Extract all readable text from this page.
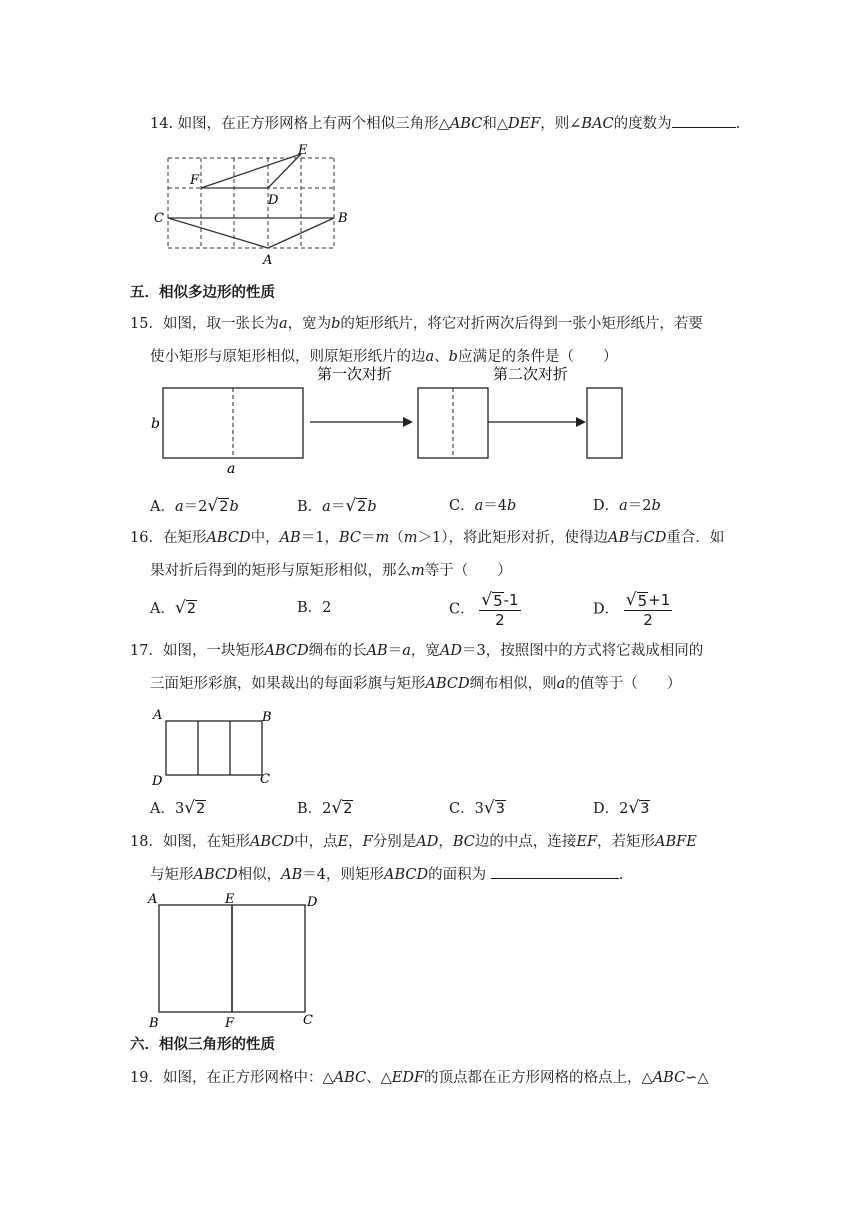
14. 如图，在正方形网格上有两个相似三角形△ABC和△DEF，则∠BAC的度数为	.
E
F
D
C	B
A
五．相似多边形的性质
15．如图，取一张长为a，宽为b的矩形纸片，将它对折两次后得到一张小矩形纸片，若要
使小矩形与原矩形相似，则原矩形纸片的边a、b应满足的条件是（　　）
b
a
第一次对折	第二次对折
A．a＝2 √ 2 b	B．a＝ √ 2 b	C．a＝4b	D．a＝2b
16．在矩形ABCD中，AB＝1，BC＝m（m＞1），将此矩形对折，使得边AB与CD重合．如
果对折后得到的矩形与原矩形相似，那么m等于（　　）
A． √ 2	B．2	C． $\frac{√ 5 -1}{2}$	D． $\frac{√ 5 +1}{2}$
17．如图，一块矩形ABCD绸布的长AB＝a，宽AD＝3，按照图中的方式将它裁成相同的
三面矩形彩旗，如果裁出的每面彩旗与矩形ABCD绸布相似，则a的值等于（　　）
A	B
D	C
A．3 √ 2	B．2 √ 2	C．3 √ 3	D．2 √ 3
18．如图，在矩形ABCD中，点E，F分别是AD，BC边的中点，连接EF，若矩形ABFE
与矩形ABCD相似，AB＝4，则矩形ABCD的面积为	.
A	E	D
B	F	C
六．相似三角形的性质
19．如图，在正方形网格中：△ABC、△EDF的顶点都在正方形网格的格点上，△ABC∽△
